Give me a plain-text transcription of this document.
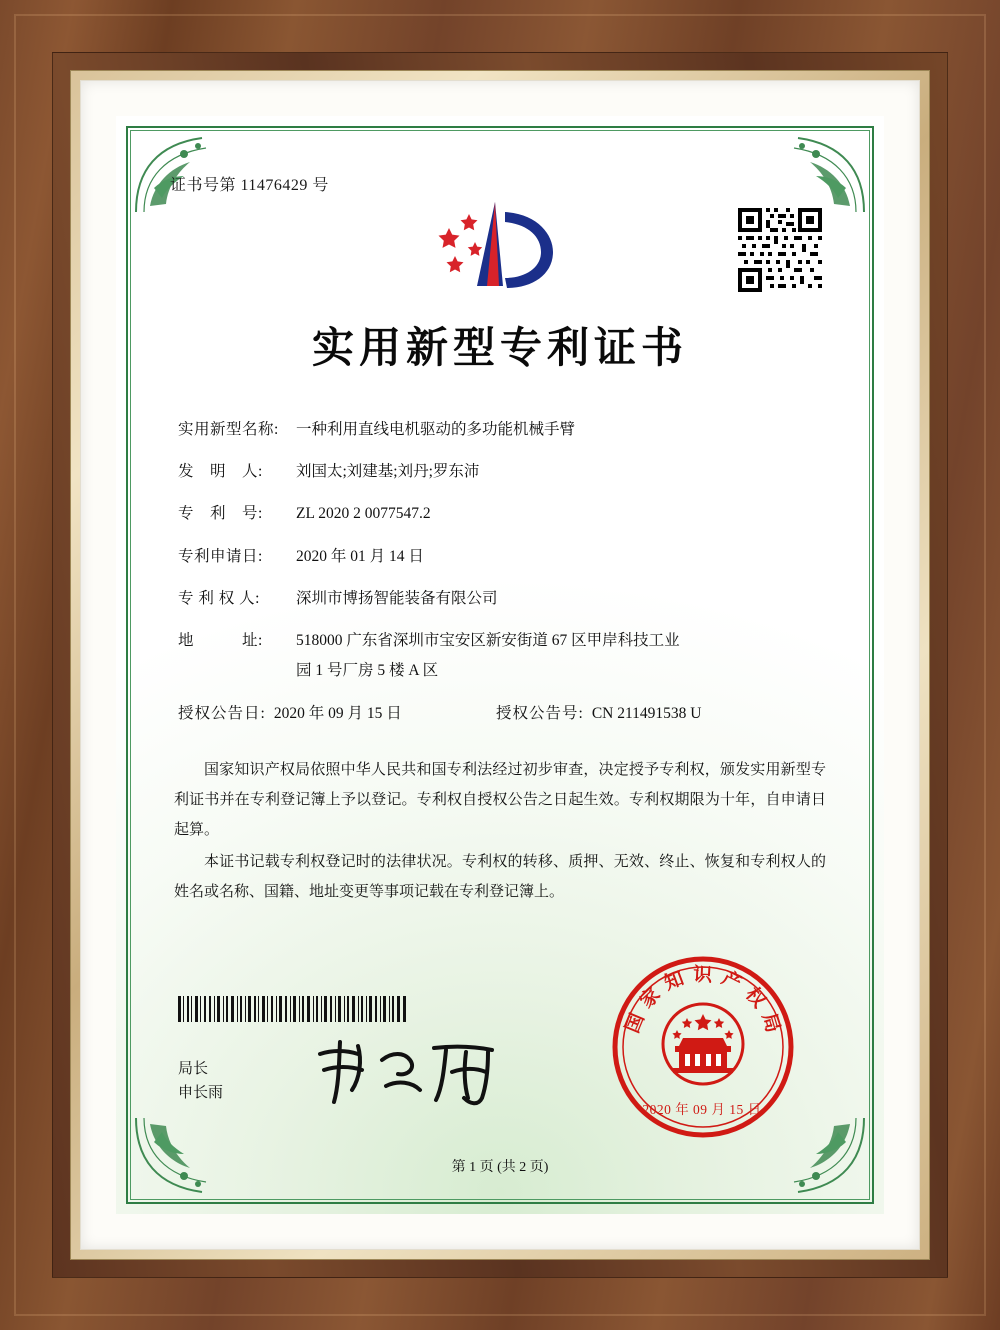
证书号第 11476429 号
实用新型专利证书
实用新型名称:	一种利用直线电机驱动的多功能机械手臂
发　明　人:	刘国太;刘建基;刘丹;罗东沛
专　利　号:	ZL 2020 2 0077547.2
专利申请日:	2020 年 01 月 14 日
专 利 权 人:	深圳市博扬智能装备有限公司
地　　　址:	518000 广东省深圳市宝安区新安街道 67 区甲岸科技工业
园 1 号厂房 5 楼 A 区
授权公告日: 2020 年 09 月 15 日	授权公告号: CN 211491538 U

国家知识产权局依照中华人民共和国专利法经过初步审查，决定授予专利权，颁发实用新型专利证书并在专利登记簿上予以登记。专利权自授权公告之日起生效。专利权期限为十年，自申请日起算。

本证书记载专利权登记时的法律状况。专利权的转移、质押、无效、终止、恢复和专利权人的姓名或名称、国籍、地址变更等事项记载在专利登记簿上。

局长
申长雨
国家知识产权局
2020 年 09 月 15 日
第 1 页 (共 2 页)
